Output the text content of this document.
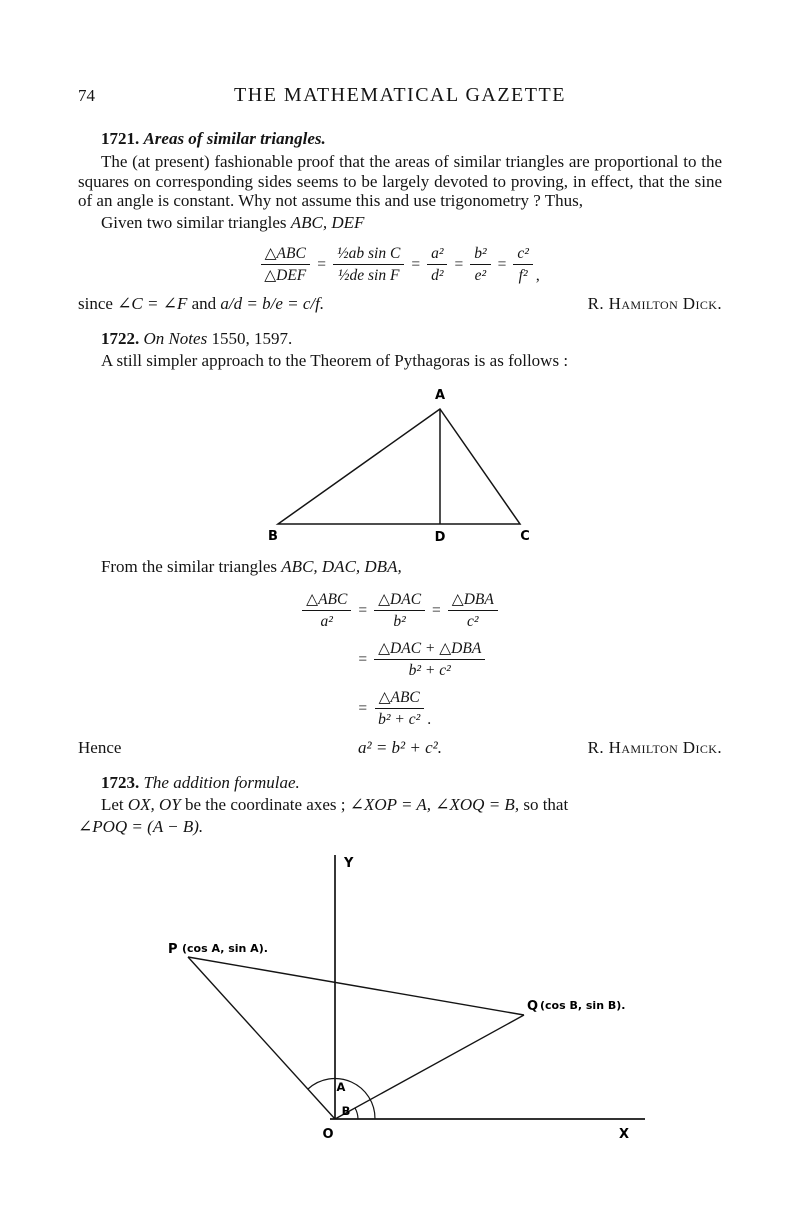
74	THE MATHEMATICAL GAZETTE

1721. Areas of similar triangles.

The (at present) fashionable proof that the areas of similar triangles are proportional to the squares on corresponding sides seems to be largely devoted to proving, in effect, that the sine of an angle is constant. Why not assume this and use trigonometry ? Thus,

Given two similar triangles ABC, DEF

$\frac{\text{△ABC}}{\text{△DEF}} = \frac{\text{½ab sin C}}{\text{½de sin F}} = \frac{\text{a²}}{\text{d²}} = \frac{\text{b²}}{\text{e²}} = \frac{\text{c²}}{\text{f²}}$ ,
since ∠C = ∠F and a/d = b/e = c/f.	R. Hamilton Dick.

1722. On Notes 1550, 1597.

A still simpler approach to the Theorem of Pythagoras is as follows :

A
B	D	C

From the similar triangles ABC, DAC, DBA,

$\frac{\text{△ABC}}{\text{a²}} = \frac{\text{△DAC}}{\text{b²}} = \frac{\text{△DBA}}{\text{c²}}$
= $\frac{\text{△DAC + △DBA}}{\text{b² + c²}}$
= $\frac{\text{△ABC}}{\text{b² + c²}}$ .
Hence	a² = b² + c².	R. Hamilton Dick.

1723. The addition formulae.

Let OX, OY be the coordinate axes ; ∠XOP = A, ∠XOQ = B, so that

∠POQ = (A − B).

Y
X
O
P (cos A, sin A).
Q (cos B, sin B).
A
B
